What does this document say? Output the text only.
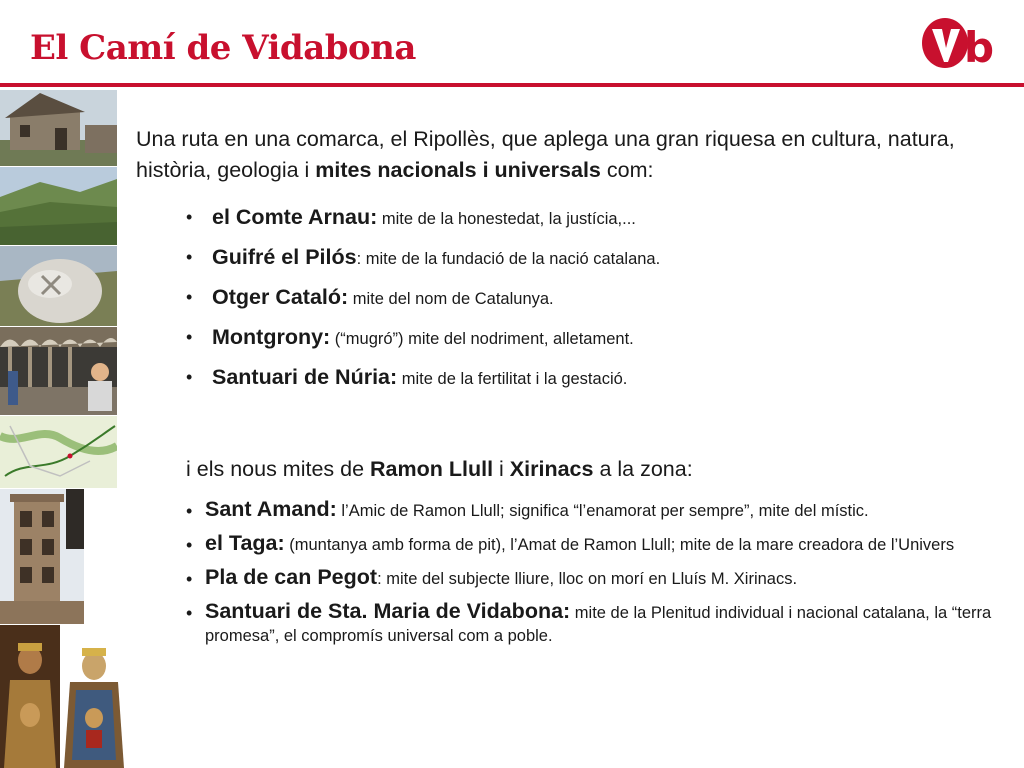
El Camí de Vidabona	b
Una ruta en una comarca, el Ripollès, que aplega una gran riquesa en cultura, natura, història, geologia i mites nacionals i universals com:
• el Comte Arnau: mite de la honestedat, la justícia,...
• Guifré el Pilós: mite de la fundació de la nació catalana.
• Otger Cataló: mite del nom de Catalunya.
• Montgrony: (“mugró”) mite del nodriment, alletament.
• Santuari de Núria: mite de la fertilitat i la gestació.
i els nous mites de Ramon Llull i Xirinacs a la zona:
• Sant Amand: l’Amic de Ramon Llull; significa “l’enamorat per sempre”, mite del místic.
• el Taga: (muntanya amb forma de pit), l’Amat de Ramon Llull; mite de la mare creadora de l’Univers
• Pla de can Pegot: mite del subjecte lliure, lloc on morí en Lluís M. Xirinacs.
• Santuari de Sta. Maria de Vidabona: mite de la Plenitud individual i nacional catalana, la “terra promesa”, el compromís universal com a poble.
